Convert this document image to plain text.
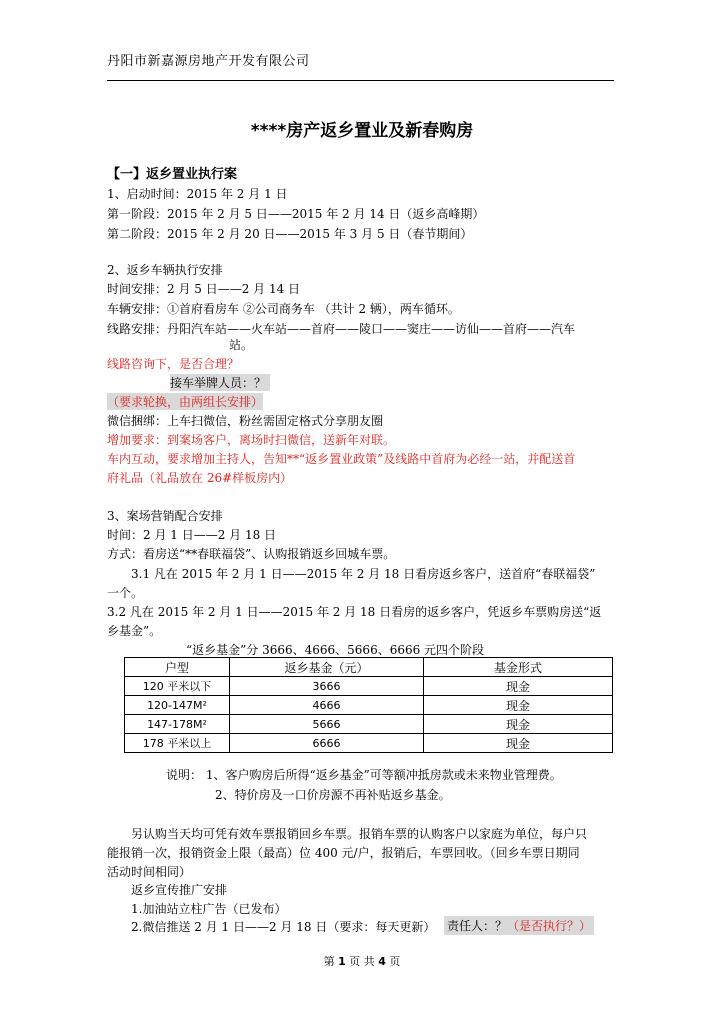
丹阳市新嘉源房地产开发有限公司
****房产返乡置业及新春购房
【一】返乡置业执行案
1、启动时间：2015 年 2 月 1 日
第一阶段：2015 年 2 月 5 日——2015 年 2 月 14 日（返乡高峰期）
第二阶段：2015 年 2 月 20 日——2015 年 3 月 5 日（春节期间）
2、返乡车辆执行安排
时间安排：2 月 5 日——2 月 14 日
车辆安排：①首府看房车 ②公司商务车 （共计 2 辆），两车循环。
线路安排：丹阳汽车站——火车站——首府——陵口——窦庄——访仙——首府——汽车
站。
线路咨询下，是否合理？
接车举牌人员：？
（要求轮换，由两组长安排）
微信捆绑：上车扫微信，粉丝需固定格式分享朋友圈
增加要求：到案场客户，离场时扫微信，送新年对联。
车内互动，要求增加主持人，告知**“返乡置业政策”及线路中首府为必经一站，并配送首
府礼品（礼品放在 26#样板房内）
3、案场营销配合安排
时间：2 月 1 日——2 月 18 日
方式：看房送“**春联福袋”、认购报销返乡回城车票。
3.1 凡在 2015 年 2 月 1 日——2015 年 2 月 18 日看房返乡客户，送首府“春联福袋”
一个。
3.2 凡在 2015 年 2 月 1 日——2015 年 2 月 18 日看房的返乡客户，凭返乡车票购房送“返
乡基金”。
“返乡基金”分 3666、4666、5666、6666 元四个阶段
户型	返乡基金（元）	基金形式
120 平米以下	3666	现金
120-147M²	4666	现金
147-178M²	5666	现金
178 平米以上	6666	现金
说明： 1、客户购房后所得“返乡基金”可等额冲抵房款或未来物业管理费。
2、特价房及一口价房源不再补贴返乡基金。
另认购当天均可凭有效车票报销回乡车票。报销车票的认购客户以家庭为单位，每户只
能报销一次，报销资金上限（最高）位 400 元/户，报销后，车票回收。（回乡车票日期同
活动时间相同）
返乡宣传推广安排
1.加油站立柱广告（已发布）
2.微信推送 2 月 1 日——2 月 18 日（要求：每天更新） 责任人：？（是否执行？）
第 1 页 共 4 页
